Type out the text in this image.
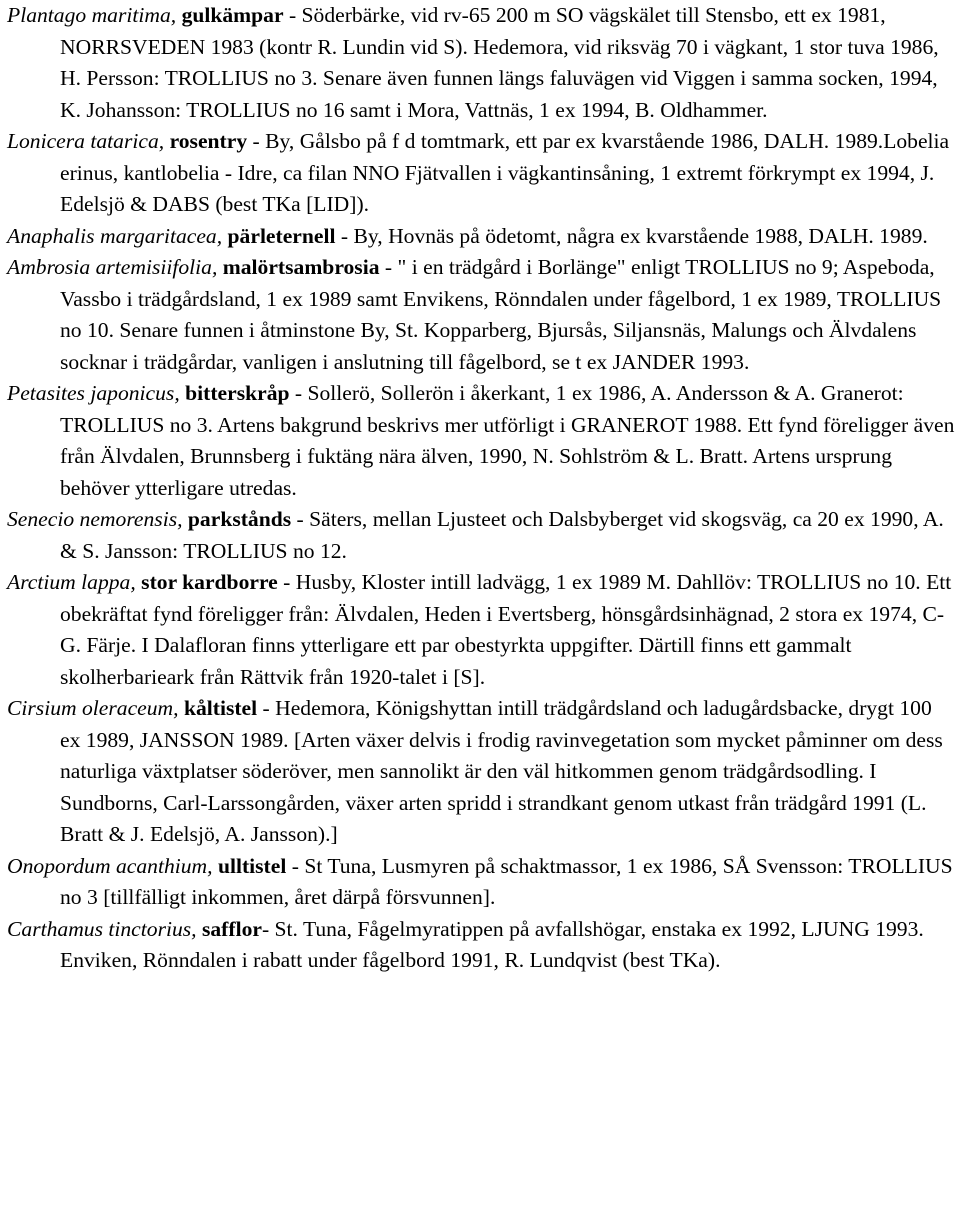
Plantago maritima, gulkämpar - Söderbärke, vid rv-65 200 m SO vägskälet till Stensbo, ett ex 1981, NORRSVEDEN 1983 (kontr R. Lundin vid S). Hedemora, vid riksväg 70 i vägkant, 1 stor tuva 1986, H. Persson: TROLLIUS no 3. Senare även funnen längs faluvägen vid Viggen i samma socken, 1994, K. Johansson: TROLLIUS no 16 samt i Mora, Vattnäs, 1 ex 1994, B. Oldhammer.

Lonicera tatarica, rosentry - By, Gålsbo på f d tomtmark, ett par ex kvarstående 1986, DALH. 1989.Lobelia erinus, kantlobelia - Idre, ca filan NNO Fjätvallen i vägkantinsåning, 1 extremt förkrympt ex 1994, J. Edelsjö & DABS (best TKa [LID]).

Anaphalis margaritacea, pärleternell - By, Hovnäs på ödetomt, några ex kvarstående 1988, DALH. 1989.

Ambrosia artemisiifolia, malörtsambrosia - " i en trädgård i Borlänge" enligt TROLLIUS no 9; Aspeboda, Vassbo i trädgårdsland, 1 ex 1989 samt Envikens, Rönndalen under fågelbord, 1 ex 1989, TROLLIUS no 10. Senare funnen i åtminstone By, St. Kopparberg, Bjursås, Siljansnäs, Malungs och Älvdalens socknar i trädgårdar, vanligen i anslutning till fågelbord, se t ex JANDER 1993.

Petasites japonicus, bitterskråp - Sollerö, Sollerön i åkerkant, 1 ex 1986, A. Andersson & A. Granerot: TROLLIUS no 3. Artens bakgrund beskrivs mer utförligt i GRANEROT 1988. Ett fynd föreligger även från Älvdalen, Brunnsberg i fuktäng nära älven, 1990, N. Sohlström & L. Bratt. Artens ursprung behöver ytterligare utredas.

Senecio nemorensis, parkstånds - Säters, mellan Ljusteet och Dalsbyberget vid skogsväg, ca 20 ex 1990, A. & S. Jansson: TROLLIUS no 12.

Arctium lappa, stor kardborre - Husby, Kloster intill ladvägg, 1 ex 1989 M. Dahllöv: TROLLIUS no 10. Ett obekräftat fynd föreligger från: Älvdalen, Heden i Evertsberg, hönsgårdsinhägnad, 2 stora ex 1974, C-G. Färje. I Dalafloran finns ytterligare ett par obestyrkta uppgifter. Därtill finns ett gammalt skolherbarieark från Rättvik från 1920-talet i [S].

Cirsium oleraceum, kåltistel - Hedemora, Königshyttan intill trädgårdsland och ladugårdsbacke, drygt 100 ex 1989, JANSSON 1989. [Arten växer delvis i frodig ravinvegetation som mycket påminner om dess naturliga växtplatser söderöver, men sannolikt är den väl hitkommen genom trädgårdsodling. I Sundborns, Carl-Larssongården, växer arten spridd i strandkant genom utkast från trädgård 1991 (L. Bratt & J. Edelsjö, A. Jansson).]

Onopordum acanthium, ulltistel - St Tuna, Lusmyren på schaktmassor, 1 ex 1986, SÅ Svensson: TROLLIUS no 3 [tillfälligt inkommen, året därpå försvunnen].

Carthamus tinctorius, safflor- St. Tuna, Fågelmyratippen på avfallshögar, enstaka ex 1992, LJUNG 1993. Enviken, Rönndalen i rabatt under fågelbord 1991, R. Lundqvist (best TKa).
